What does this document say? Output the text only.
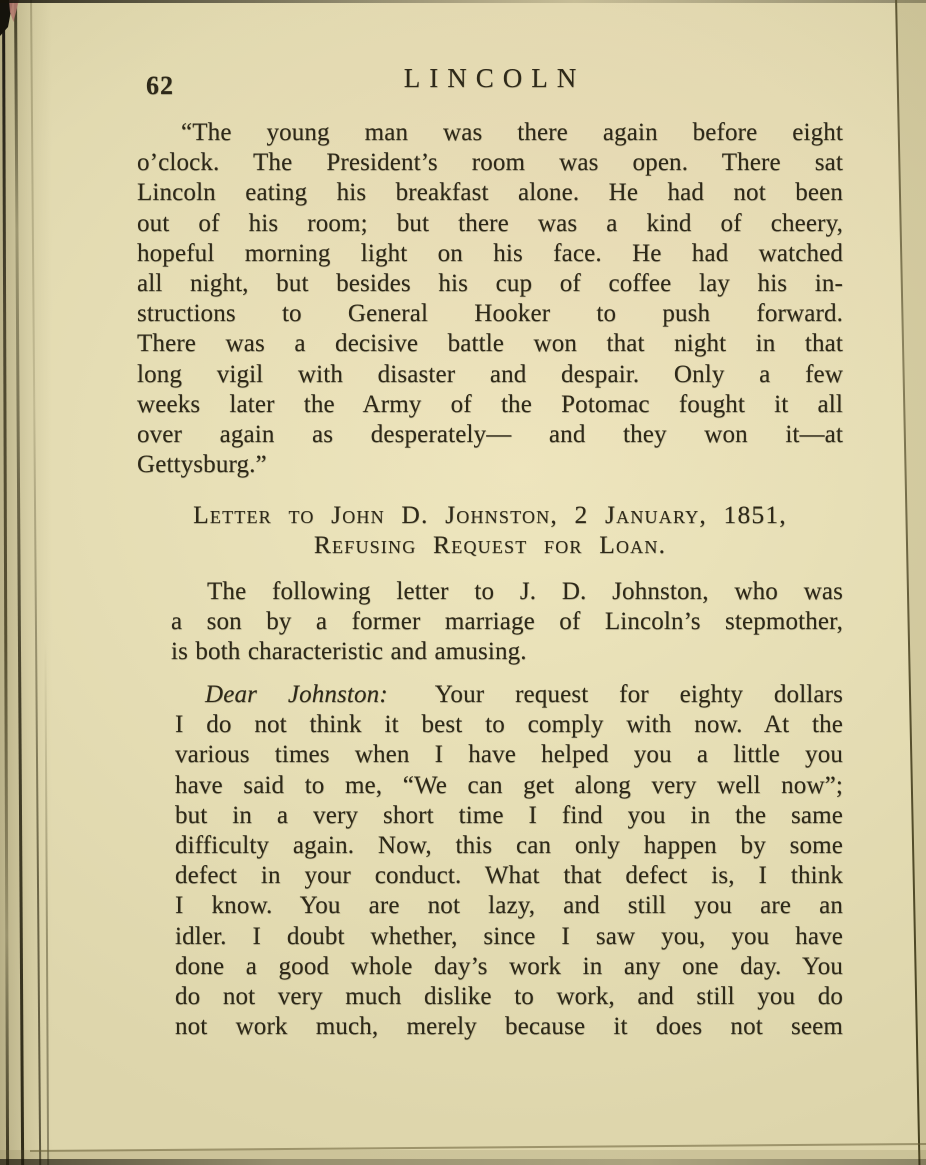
62	LINCOLN
“The young man was there again before eight
o’clock. The President’s room was open. There sat
Lincoln eating his breakfast alone. He had not been
out of his room; but there was a kind of cheery,
hopeful morning light on his face. He had watched
all night, but besides his cup of coffee lay his in-
structions to General Hooker to push forward.
There was a decisive battle won that night in that
long vigil with disaster and despair. Only a few
weeks later the Army of the Potomac fought it all
over again as desperately— and they won it—at
Gettysburg.”
Letter to John D. Johnston, 2 January, 1851,
Refusing Request for Loan.
The following letter to J. D. Johnston, who was
a son by a former marriage of Lincoln’s stepmother,
is both characteristic and amusing.
Dear Johnston: Your request for eighty dollars
I do not think it best to comply with now. At the
various times when I have helped you a little you
have said to me, “We can get along very well now”;
but in a very short time I find you in the same
difficulty again. Now, this can only happen by some
defect in your conduct. What that defect is, I think
I know. You are not lazy, and still you are an
idler. I doubt whether, since I saw you, you have
done a good whole day’s work in any one day. You
do not very much dislike to work, and still you do
not work much, merely because it does not seem
